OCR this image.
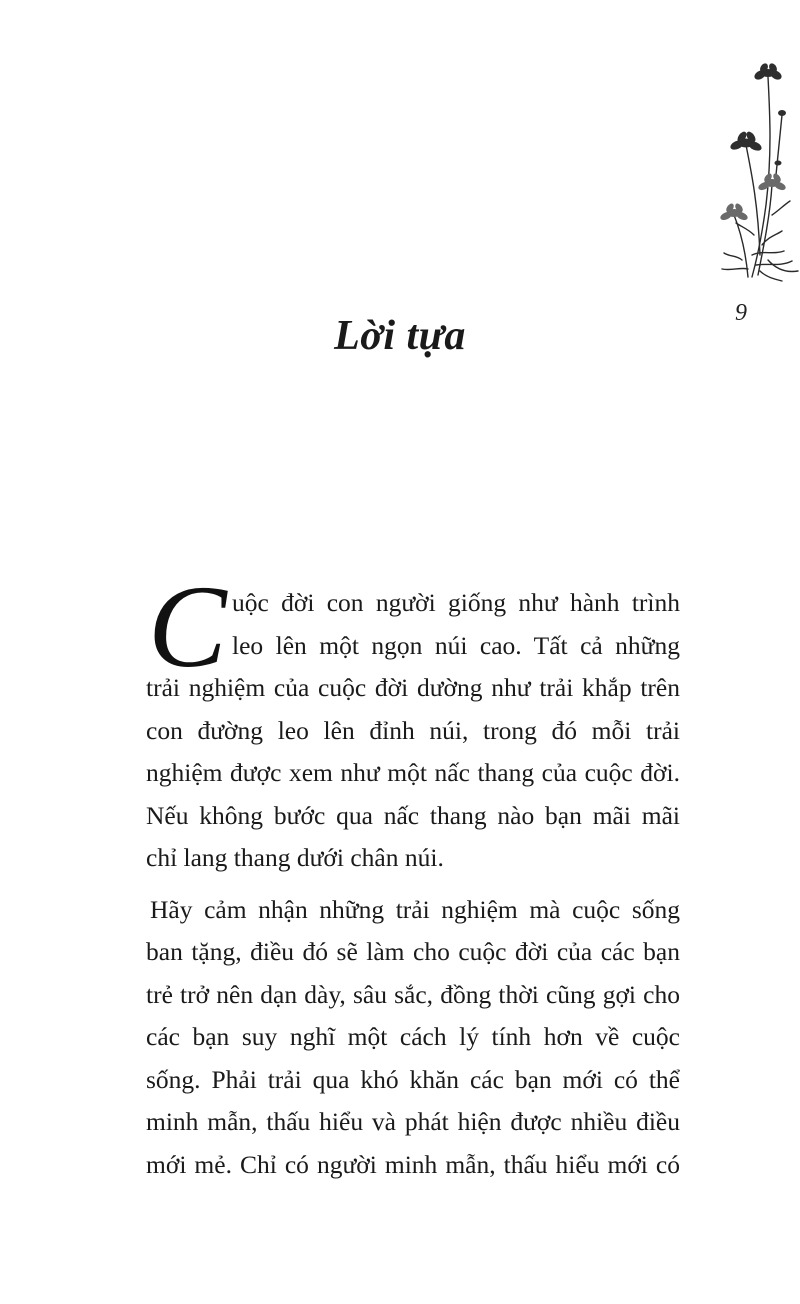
9
Lời tựa
C uộc đời con người giống như hành trình
leo lên một ngọn núi cao. Tất cả những
trải nghiệm của cuộc đời dường như trải khắp trên
con đường leo lên đỉnh núi, trong đó mỗi trải
nghiệm được xem như một nấc thang của cuộc đời.
Nếu không bước qua nấc thang nào bạn mãi mãi
chỉ lang thang dưới chân núi.
Hãy cảm nhận những trải nghiệm mà cuộc sống
ban tặng, điều đó sẽ làm cho cuộc đời của các bạn
trẻ trở nên dạn dày, sâu sắc, đồng thời cũng gợi cho
các bạn suy nghĩ một cách lý tính hơn về cuộc
sống. Phải trải qua khó khăn các bạn mới có thể
minh mẫn, thấu hiểu và phát hiện được nhiều điều
mới mẻ. Chỉ có người minh mẫn, thấu hiểu mới có
